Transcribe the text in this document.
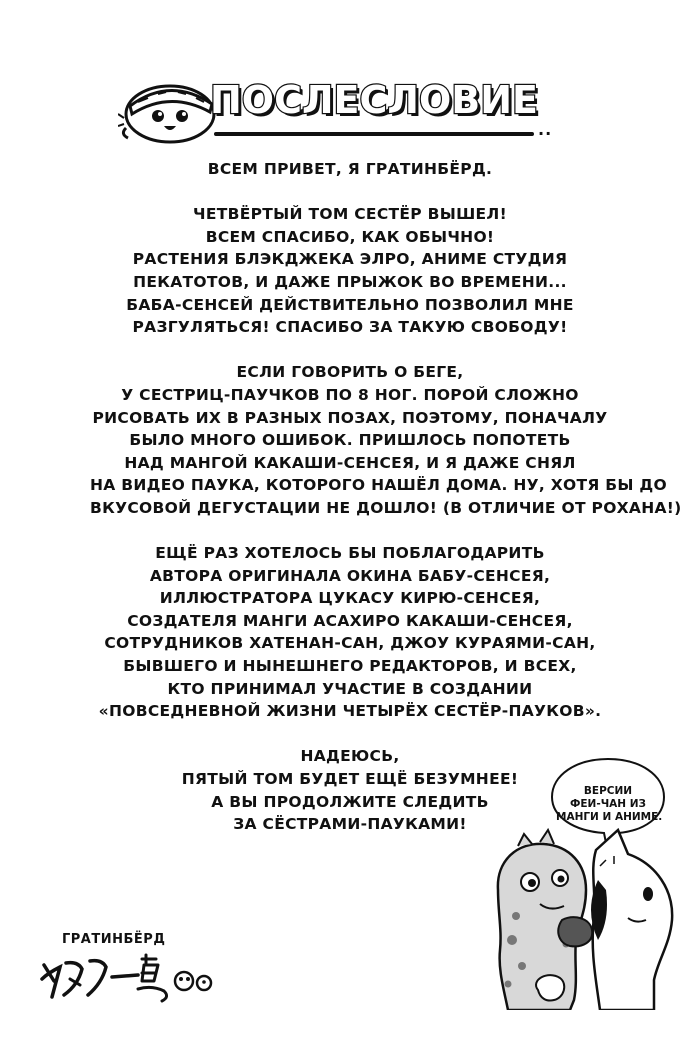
ПОСЛЕСЛОВИЕ
··
ВСЕМ ПРИВЕТ, Я ГРАТИНБЁРД.
ЧЕТВЁРТЫЙ ТОМ СЕСТЁР ВЫШЕЛ!
ВСЕМ СПАСИБО, КАК ОБЫЧНО!
РАСТЕНИЯ БЛЭКДЖЕКА ЭЛРО, АНИМЕ СТУДИЯ
ПЕКАТОТОВ, И ДАЖЕ ПРЫЖОК ВО ВРЕМЕНИ...
БАБА-СЕНСЕЙ ДЕЙСТВИТЕЛЬНО ПОЗВОЛИЛ МНЕ
РАЗГУЛЯТЬСЯ! СПАСИБО ЗА ТАКУЮ СВОБОДУ!
ЕСЛИ ГОВОРИТЬ О БЕГЕ,
У СЕСТРИЦ-ПАУЧКОВ ПО 8 НОГ. ПОРОЙ СЛОЖНО
РИСОВАТЬ ИХ В РАЗНЫХ ПОЗАХ, ПОЭТОМУ, ПОНАЧАЛУ
БЫЛО МНОГО ОШИБОК. ПРИШЛОСЬ ПОПОТЕТЬ
НАД МАНГОЙ КАКАШИ-СЕНСЕЯ, И Я ДАЖЕ СНЯЛ
НА ВИДЕО ПАУКА, КОТОРОГО НАШЁЛ ДОМА. НУ, ХОТЯ БЫ ДО
ВКУСОВОЙ ДЕГУСТАЦИИ НЕ ДОШЛО! (В ОТЛИЧИЕ ОТ РОХАНА!)
ЕЩЁ РАЗ ХОТЕЛОСЬ БЫ ПОБЛАГОДАРИТЬ
АВТОРА ОРИГИНАЛА ОКИНА БАБУ-СЕНСЕЯ,
ИЛЛЮСТРАТОРА ЦУКАСУ КИРЮ-СЕНСЕЯ,
СОЗДАТЕЛЯ МАНГИ АСАХИРО КАКАШИ-СЕНСЕЯ,
СОТРУДНИКОВ ХАТЕНАН-САН, ДЖОУ КУРАЯМИ-САН,
БЫВШЕГО И НЫНЕШНЕГО РЕДАКТОРОВ, И ВСЕХ,
КТО ПРИНИМАЛ УЧАСТИЕ В СОЗДАНИИ
«ПОВСЕДНЕВНОЙ ЖИЗНИ ЧЕТЫРЁХ СЕСТЁР-ПАУКОВ».
НАДЕЮСЬ,
ПЯТЫЙ ТОМ БУДЕТ ЕЩЁ БЕЗУМНЕЕ!
А ВЫ ПРОДОЛЖИТЕ СЛЕДИТЬ
ЗА СЁСТРАМИ-ПАУКАМИ!
ВЕРСИИ
ФЕИ-ЧАН ИЗ
МАНГИ И АНИМЕ.
ГРАТИНБЁРД
